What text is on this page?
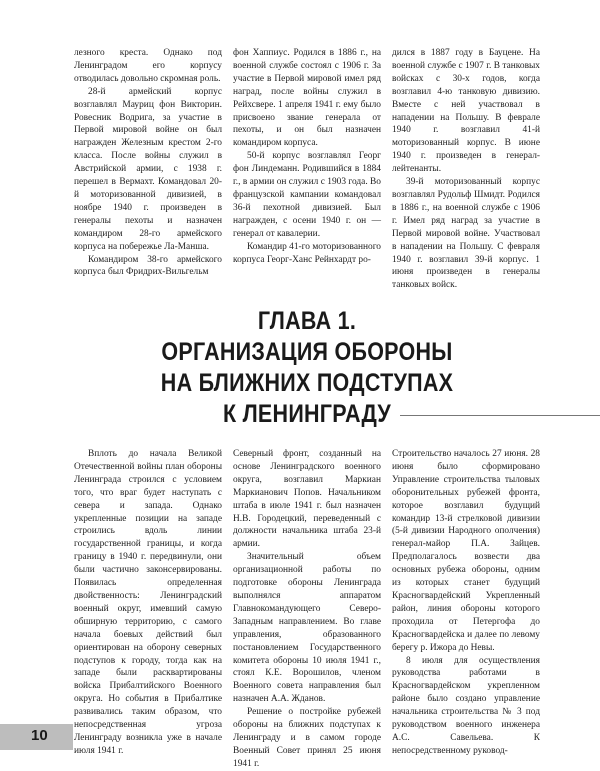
лезного креста. Однако под Ленинградом его корпусу отводилась довольно скромная роль.

28-й армейский корпус возглавлял Мауриц фон Викторин. Ровесник Водрига, за участие в Первой мировой войне он был награжден Железным крестом 2-го класса. После войны служил в Австрийской армии, с 1938 г. перешел в Вермахт. Командовал 20-й моторизованной дивизией, в ноябре 1940 г. произведен в генералы пехоты и назначен командиром 28-го армейского корпуса на побережье Ла-Манша.

Командиром 38-го армейского корпуса был Фридрих-Вильгельм

фон Хаппиус. Родился в 1886 г., на военной службе состоял с 1906 г. За участие в Первой мировой имел ряд наград, после войны служил в Рейхсвере. 1 апреля 1941 г. ему было присвоено звание генерала от пехоты, и он был назначен командиром корпуса.

50-й корпус возглавлял Георг фон Линдеманн. Родившийся в 1884 г., в армии он служил с 1903 года. Во французской кампании командовал 36-й пехотной дивизией. Был награжден, с осени 1940 г. он — генерал от кавалерии.

Командир 41-го моторизованного корпуса Георг-Ханс Рейнхардт ро-

дился в 1887 году в Бауцене. На военной службе с 1907 г. В танковых войсках с 30-х годов, когда возглавил 4-ю танковую дивизию. Вместе с ней участвовал в нападении на Польшу. В феврале 1940 г. возглавил 41-й моторизованный корпус. В июне 1940 г. произведен в генерал-лейтенанты.

39-й моторизованный корпус возглавлял Рудольф Шмидт. Родился в 1886 г., на военной службе с 1906 г. Имел ряд наград за участие в Первой мировой войне. Участвовал в нападении на Польшу. С февраля 1940 г. возглавил 39-й корпус. 1 июня произведен в генералы танковых войск.

ГЛАВА 1.
ОРГАНИЗАЦИЯ ОБОРОНЫ
НА БЛИЖНИХ ПОДСТУПАХ
К ЛЕНИНГРАДУ

Вплоть до начала Великой Отечественной войны план обороны Ленинграда строился с условием того, что враг будет наступать с севера и запада. Однако укрепленные позиции на западе строились вдоль линии государственной границы, и когда границу в 1940 г. передвинули, они были частично законсервированы. Появилась определенная двойственность: Ленинградский военный округ, имевший самую обширную территорию, с самого начала боевых действий был ориентирован на оборону северных подступов к городу, тогда как на западе были расквартированы войска Прибалтийского Военного округа. Но события в Прибалтике развивались таким образом, что непосредственная угроза Ленинграду возникла уже в начале июля 1941 г.

Северный фронт, созданный на основе Ленинградского военного округа, возглавил Маркиан Маркианович Попов. Начальником штаба в июле 1941 г. был назначен Н.В. Городецкий, переведенный с должности начальника штаба 23-й армии.

Значительный объем организационной работы по подготовке обороны Ленинграда выполнялся аппаратом Главнокомандующего Северо-Западным направлением. Во главе управления, образованного постановлением Государственного комитета обороны 10 июля 1941 г., стоял К.Е. Ворошилов, членом Военного совета направления был назначен А.А. Жданов.

Решение о постройке рубежей обороны на ближних подступах к Ленинграду и в самом городе Военный Совет принял 25 июня 1941 г.

Строительство началось 27 июня. 28 июня было сформировано Управление строительства тыловых оборонительных рубежей фронта, которое возглавил будущий командир 13-й стрелковой дивизии (5-й дивизии Народного ополчения) генерал-майор П.А. Зайцев. Предполагалось возвести два основных рубежа обороны, одним из которых станет будущий Красногвардейский Укрепленный район, линия обороны которого проходила от Петергофа до Красногвардейска и далее по левому берегу р. Ижора до Невы.

8 июля для осуществления руководства работами в Красногвардейском укрепленном районе было создано управление начальника строительства № 3 под руководством военного инженера А.С. Савельева. К непосредственному руковод-

10
